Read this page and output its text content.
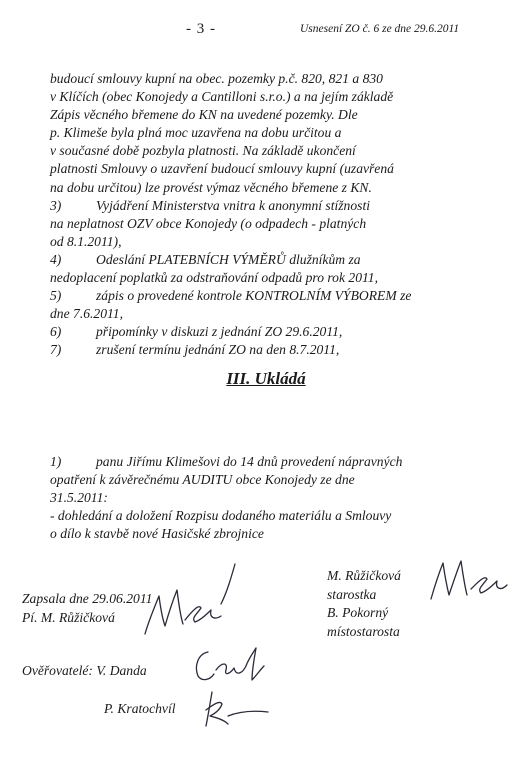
- 3 -	Usnesení ZO č. 6 ze dne 29.6.2011
budoucí smlouvy kupní na obec. pozemky p.č. 820, 821 a 830
v Klíčích (obec Konojedy a Cantilloni s.r.o.) a na jejím základě
Zápis věcného břemene do KN na uvedené pozemky. Dle
p. Klimeše byla plná moc uzavřena na dobu určitou a
v současné době pozbyla platnosti. Na základě ukončení
platnosti Smlouvy o uzavření budoucí smlouvy kupní (uzavřená
na dobu určitou) lze provést výmaz věcného břemene z KN.
3)	Vyjádření Ministerstva vnitra k anonymní stížnosti
na neplatnost OZV obce Konojedy (o odpadech - platných
od 8.1.2011),
4)	Odeslání PLATEBNÍCH VÝMĚRŮ dlužníkům za
nedoplacení poplatků za odstraňování odpadů pro rok 2011,
5)	zápis o provedené kontrole KONTROLNÍM VÝBOREM ze
dne 7.6.2011,
6)	připomínky v diskuzi z jednání ZO 29.6.2011,
7)	zrušení termínu jednání ZO na den 8.7.2011,
III. Ukládá
1)	panu Jiřímu Klimešovi do 14 dnů provedení nápravných
opatření k závěrečnému AUDITU obce Konojedy ze dne
31.5.2011:
- dohledání a doložení Rozpisu dodaného materiálu a Smlouvy
o dílo k stavbě nové Hasičské zbrojnice
Zapsala dne 29.06.2011
Pí. M. Růžičková
M. Růžičková
starostka
B. Pokorný
místostarosta
Ověřovatelé: V. Danda
P. Kratochvíl
